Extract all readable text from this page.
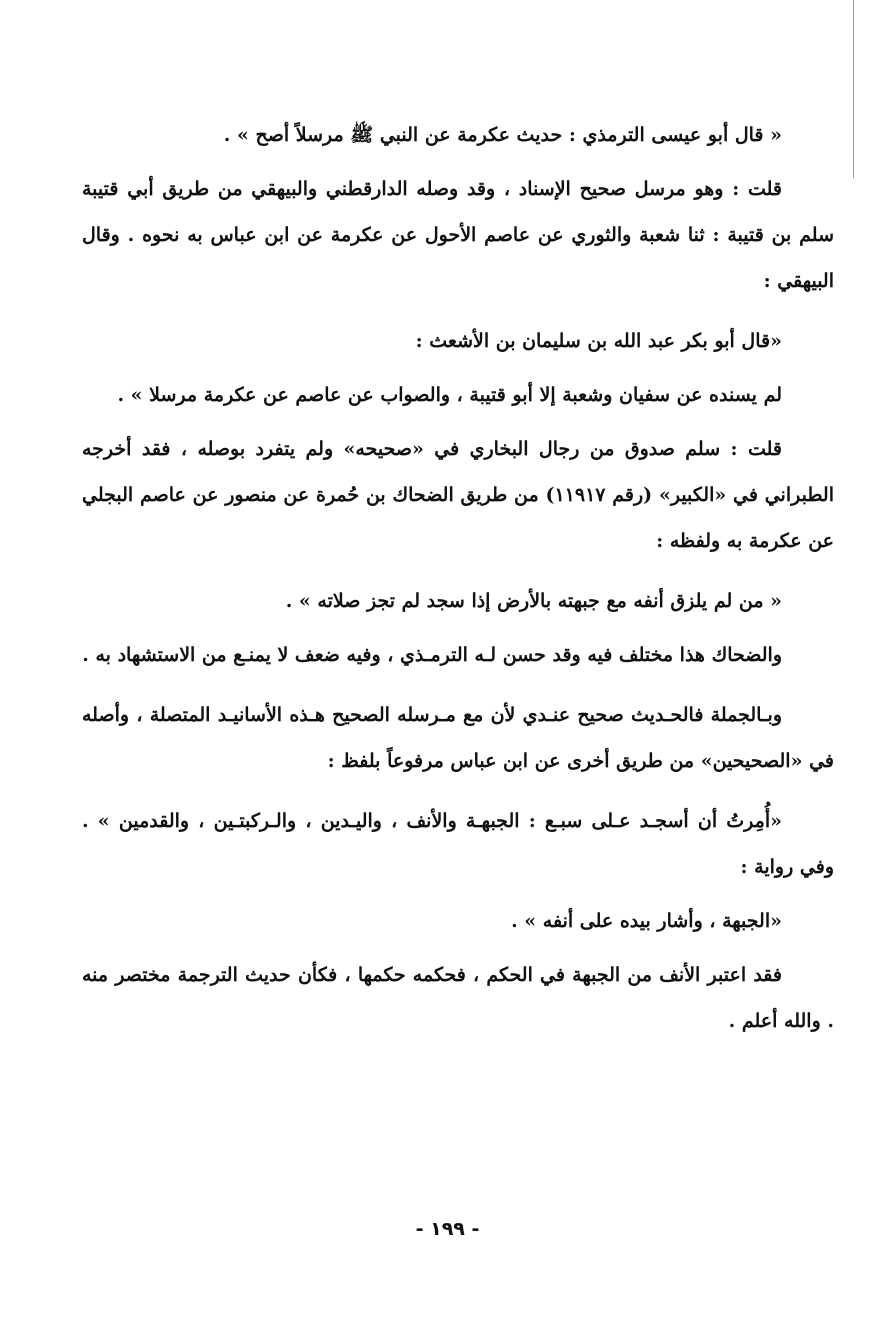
« قال أبو عيسى الترمذي : حديث عكرمة عن النبي ﷺ مرسلاً أصح » .

قلت : وهو مرسل صحيح الإسناد ، وقد وصله الدارقطني والبيهقي من طريق أبي قتيبة سلم بن قتيبة : ثنا شعبة والثوري عن عاصم الأحول عن عكرمة عن ابن عباس به نحوه . وقال البيهقي :

«قال أبو بكر عبد الله بن سليمان بن الأشعث :

لم يسنده عن سفيان وشعبة إلا أبو قتيبة ، والصواب عن عاصم عن عكرمة مرسلا » .

قلت : سلم صدوق من رجال البخاري في «صحيحه» ولم يتفرد بوصله ، فقد أخرجه الطبراني في «الكبير» (رقم ١١٩١٧) من طريق الضحاك بن حُمرة عن منصور عن عاصم البجلي عن عكرمة به ولفظه :

« من لم يلزق أنفه مع جبهته بالأرض إذا سجد لم تجز صلاته » .

والضحاك هذا مختلف فيه وقد حسن لـه الترمـذي ، وفيه ضعف لا يمنـع من الاستشهاد به .

وبـالجملة فالحـديث صحيح عنـدي لأن مع مـرسله الصحيح هـذه الأسانيـد المتصلة ، وأصله في «الصحيحين» من طريق أخرى عن ابن عباس مرفوعاً بلفظ :

«أُمِرتُ أن أسجـد عـلى سبـع : الجبهـة والأنف ، واليـدين ، والـركبتـين ، والقدمين » . وفي رواية :

«الجبهة ، وأشار بيده على أنفه » .

فقد اعتبر الأنف من الجبهة في الحكم ، فحكمه حكمها ، فكأن حديث الترجمة مختصر منه . والله أعلم .

- ١٩٩ -
